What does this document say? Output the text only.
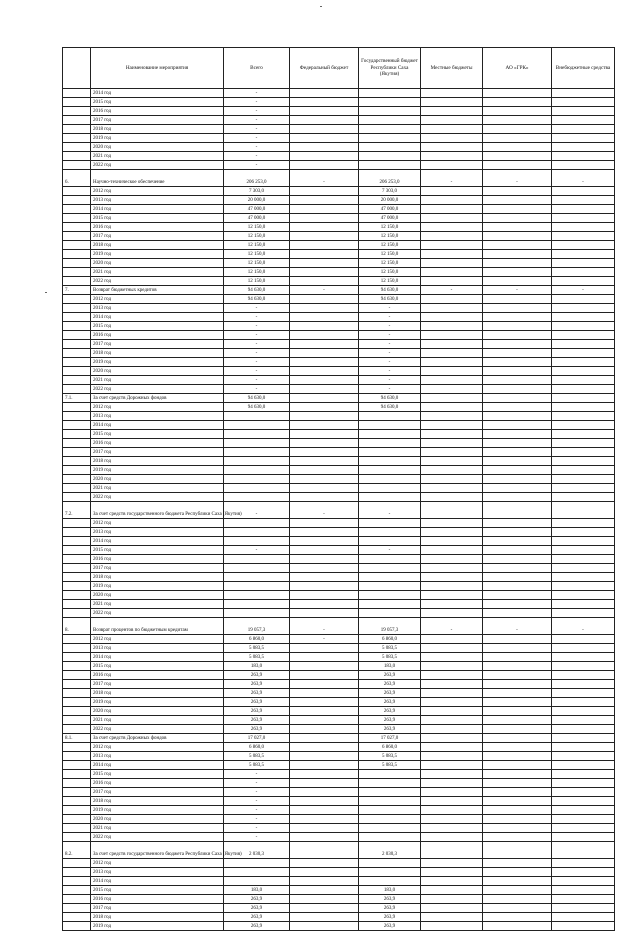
	Наименование мероприятия	Всего	Федеральный бюджет	Государственный бюджет Республики Саха (Якутия)	Местные бюджеты	АО «ГРК»	Внебюджетные средства
	2014 год	-					
	2015 год	-					
	2016 год	-					
	2017 год	-					
	2018 год	-					
	2019 год	-					
	2020 год	-					
	2021 год	-					
	2022 год	-					
6.	Научно-техническое обеспечение	206 253,0	-	206 253,0	-	-	-
	2012 год	7 303,0		7 303,0			
	2013 год	20 000,0		20 000,0			
	2014 год	47 000,0		47 000,0			
	2015 год	47 000,0		47 000,0			
	2016 год	12 150,0		12 150,0			
	2017 год	12 150,0		12 150,0			
	2018 год	12 150,0		12 150,0			
	2019 год	12 150,0		12 150,0			
	2020 год	12 150,0		12 150,0			
	2021 год	12 150,0		12 150,0			
	2022 год	12 150,0		12 150,0			
7.	Возврат бюджетных кредитов	94 630,0	-	94 630,0	-	-	-
	2012 год	94 630,0		94 630,0			
	2013 год	-		-			
	2014 год	-		-			
	2015 год	-		-			
	2016 год	-		-			
	2017 год	-		-			
	2018 год	-		-			
	2019 год	-		-			
	2020 год	-		-			
	2021 год	-		-			
	2022 год	-		-			
7.1.	За счет средств Дорожных фондов	94 630,0		94 630,0			
	2012 год	94 630,0		94 630,0			
	2013 год						
	2014 год						
	2015 год						
	2016 год						
	2017 год						
	2018 год						
	2019 год						
	2020 год						
	2021 год						
	2022 год						
7.2.	За счет средств государственного бюджета Республики Саха (Якутия)	-	-	-			
	2012 год						
	2013 год						
	2014 год						
	2015 год	-		-			
	2016 год						
	2017 год						
	2018 год						
	2019 год						
	2020 год						
	2021 год						
	2022 год						
8.	Возврат процентов по бюджетным кредитам	19 057,3	-	19 057,3	-	-	-
	2012 год	6 860,0	-	6 860,0			
	2013 год	5 083,5		5 083,5			
	2014 год	5 083,5		5 083,5			
	2015 год	183,0		183,0			
	2016 год	263,9		263,9			
	2017 год	263,9		263,9			
	2018 год	263,9		263,9			
	2019 год	263,9		263,9			
	2020 год	263,9		263,9			
	2021 год	263,9		263,9			
	2022 год	263,9		263,9			
8.1.	За счет средств Дорожных фондов	17 027,0		17 027,0			
	2012 год	6 860,0		6 860,0			
	2013 год	5 083,5		5 083,5			
	2014 год	5 083,5		5 083,5			
	2015 год	-					
	2016 год	-					
	2017 год	-					
	2018 год	-					
	2019 год	-					
	2020 год	-					
	2021 год	-					
	2022 год	-					
8.2.	За счет средств государственного бюджета Республики Саха (Якутия)	2 030,3		2 030,3			
	2012 год						
	2013 год						
	2014 год						
	2015 год	183,0		183,0			
	2016 год	263,9		263,9			
	2017 год	263,9		263,9			
	2018 год	263,9		263,9			
	2019 год	263,9		263,9			
